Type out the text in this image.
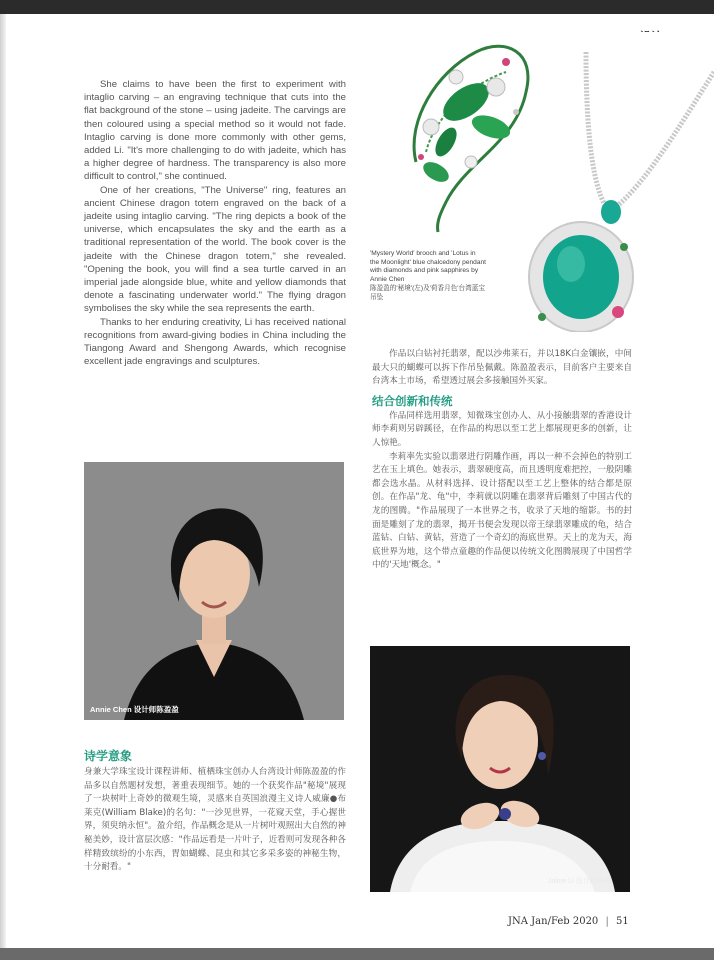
She claims to have been the first to experiment with intaglio carving – an engraving technique that cuts into the flat background of the stone – using jadeite. The carvings are then coloured using a special method so it would not fade. Intaglio carving is done more commonly with other gems, added Li. "It's more challenging to do with jadeite, which has a higher degree of hardness. The transparency is also more difficult to control," she continued.

One of her creations, "The Universe" ring, features an ancient Chinese dragon totem engraved on the back of a jadeite using intaglio carving. "The ring depicts a book of the universe, which encapsulates the sky and the earth as a traditional representation of the world. The book cover is the jadeite with the Chinese dragon totem," she revealed. "Opening the book, you will find a sea turtle carved in an imperial jade alongside blue, white and yellow diamonds that denote a fascinating underwater world." The flying dragon symbolises the sky while the sea represents the earth.

Thanks to her enduring creativity, Li has received national recognitions from award-giving bodies in China including the Tiangong Award and Shengong Awards, which recognise excellent jade engravings and sculptures.

'Mystery World' brooch and 'Lotus in the Moonlight' blue chalcedony pendant with diamonds and pink sapphires by Annie Chen
陈盈盈的'秘境'(左)及'荷香月色'台湾蓝宝吊坠

作品以白钻衬托翡翠，配以沙弗莱石，并以18K白金镶嵌，中间最大只的蝴蝶可以拆下作吊坠佩戴。陈盈盈表示，目前客户主要来自台湾本土市场，希望透过展会多接触国外买家。

结合创新和传统

作品同样选用翡翠，知微珠宝创办人、从小接触翡翠的香港设计师李莉则另辟蹊径，在作品的构思以至工艺上都展现更多的创新，让人惊艳。

李莉率先实验以翡翠进行阴雕作画，再以一种不会掉色的特别工艺在玉上填色。她表示，翡翠硬度高，而且透明度难把控，一般阴雕都会选水晶。从材料选择、设计搭配以至工艺上整体的结合都是原创。在作品"龙、龟"中，李莉就以阴雕在翡翠背后雕刻了中国古代的龙的图腾。"作品展现了一本世界之书，收录了天地的缩影。书的封面是雕刻了龙的翡翠，揭开书便会发现以帝王绿翡翠雕成的龟，结合蓝钻、白钻、黄钻，营造了一个奇幻的海底世界。天上的龙为天，海底世界为地，这个带点童趣的作品便以传统文化图腾展现了中国哲学中的'天地'概念。"

Annie Chen 设计师陈盈盈
诗学意象

身兼大学珠宝设计课程讲师、植栖珠宝创办人台湾设计师陈盈盈的作品多以自然题材发想，著重表现细节。她的一个获奖作品"秘境"展现了一块树叶上奇妙的微观生境，灵感来自英国浪漫主义诗人威廉●布莱克(William Blake)的名句："一沙见世界，一花窥天堂，手心握世界，须臾纳永恒"。盈介绍，作品概念是从一片树叶观照出大自然的神秘美妙，设计富层次感："作品远看是一片叶子，近看则可发现各种各样精致缤纷的小东西，胃如蝴蝶、昆虫和其它多采多姿的神秘生物，十分耐看。"

Joline Li 设计师李莉
JNA Jan/Feb 2020 | 51
